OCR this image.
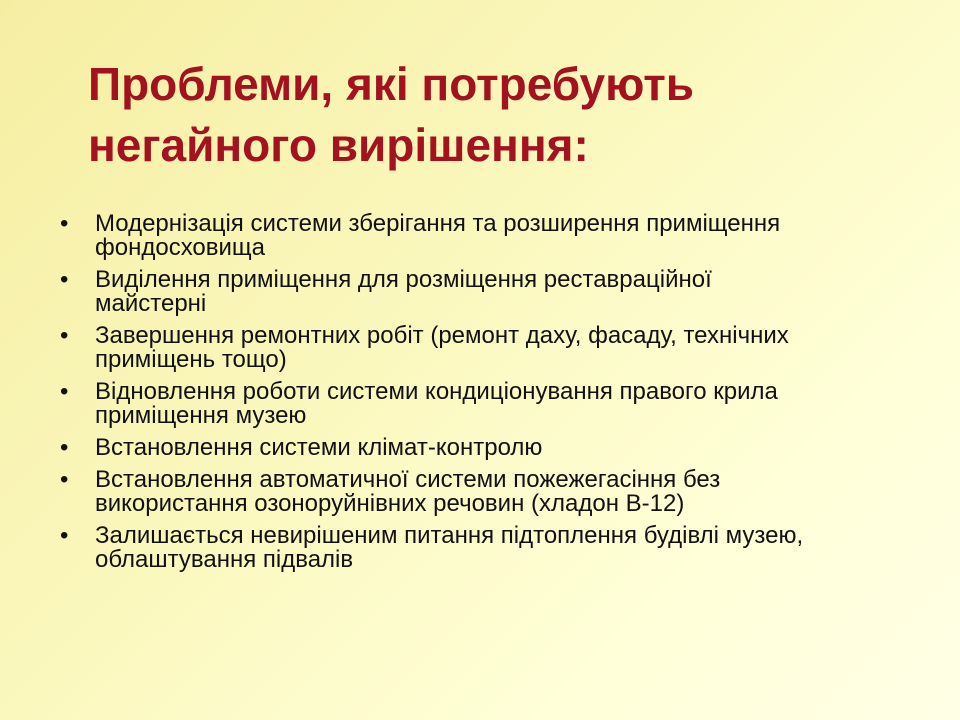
Проблеми, які потребують
негайного вирішення:
•	Модернізація системи зберігання та розширення приміщення
фондосховища
•	Виділення приміщення для розміщення реставраційної
майстерні
•	Завершення ремонтних робіт (ремонт даху, фасаду, технічних
приміщень тощо)
•	Відновлення роботи системи кондиціонування правого крила
приміщення музею
•	Встановлення системи клімат-контролю
•	Встановлення автоматичної системи пожежегасіння без
використання озоноруйнівних речовин (хладон В-12)
•	Залишається невирішеним питання підтоплення будівлі музею,
облаштування підвалів
